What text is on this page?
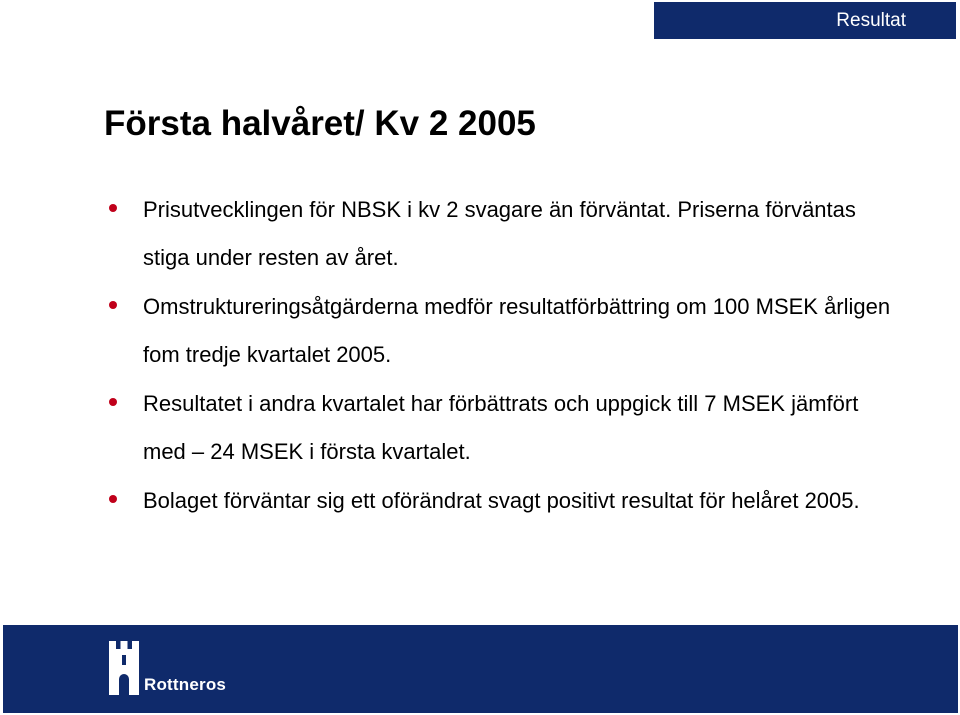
Resultat
Första halvåret/ Kv 2 2005
Prisutvecklingen för NBSK i kv 2 svagare än förväntat. Priserna förväntas stiga under resten av året.
Omstruktureringsåtgärderna medför resultatförbättring om 100 MSEK årligen fom tredje kvartalet 2005.
Resultatet i andra kvartalet har förbättrats och uppgick till 7 MSEK jämfört med – 24 MSEK i första kvartalet.
Bolaget förväntar sig ett oförändrat svagt positivt resultat för helåret 2005.
Rottneros
